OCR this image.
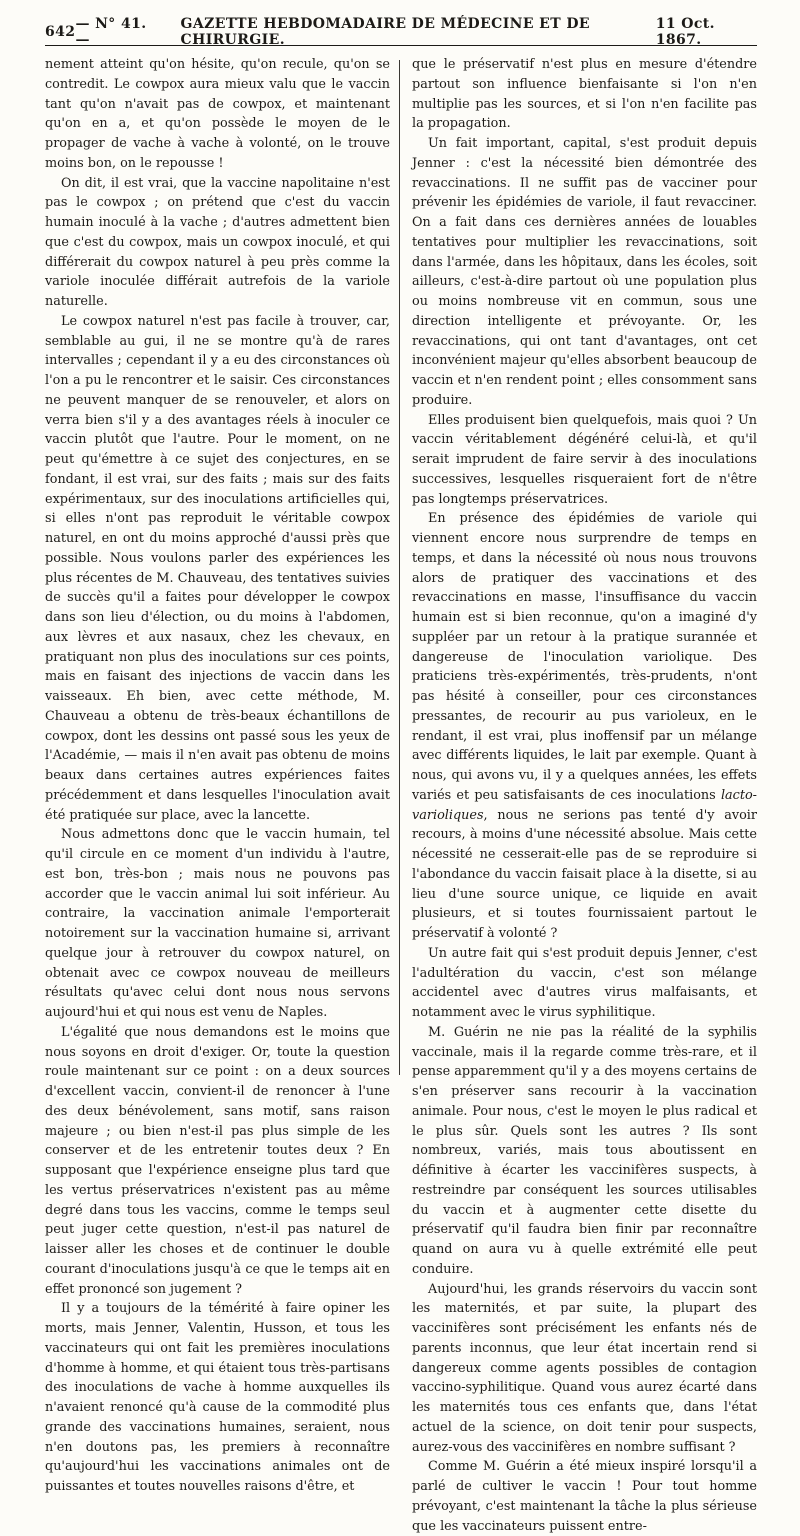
642 — N° 41. —
GAZETTE HEBDOMADAIRE DE MÉDECINE ET DE CHIRURGIE.
11 Oct. 1867.

nement atteint qu'on hésite, qu'on recule, qu'on se contredit. Le cowpox aura mieux valu que le vaccin tant qu'on n'avait pas de cowpox, et maintenant qu'on en a, et qu'on possède le moyen de le propager de vache à vache à volonté, on le trouve moins bon, on le repousse !

On dit, il est vrai, que la vaccine napolitaine n'est pas le cowpox ; on prétend que c'est du vaccin humain inoculé à la vache ; d'autres admettent bien que c'est du cowpox, mais un cowpox inoculé, et qui différerait du cowpox naturel à peu près comme la variole inoculée différait autrefois de la variole naturelle.

Le cowpox naturel n'est pas facile à trouver, car, semblable au gui, il ne se montre qu'à de rares intervalles ; cependant il y a eu des circonstances où l'on a pu le rencontrer et le saisir. Ces circonstances ne peuvent manquer de se renouveler, et alors on verra bien s'il y a des avantages réels à inoculer ce vaccin plutôt que l'autre. Pour le moment, on ne peut qu'émettre à ce sujet des conjectures, en se fondant, il est vrai, sur des faits ; mais sur des faits expérimentaux, sur des inoculations artificielles qui, si elles n'ont pas reproduit le véritable cowpox naturel, en ont du moins approché d'aussi près que possible. Nous voulons parler des expériences les plus récentes de M. Chauveau, des tentatives suivies de succès qu'il a faites pour développer le cowpox dans son lieu d'élection, ou du moins à l'abdomen, aux lèvres et aux nasaux, chez les chevaux, en pratiquant non plus des inoculations sur ces points, mais en faisant des injections de vaccin dans les vaisseaux. Eh bien, avec cette méthode, M. Chauveau a obtenu de très-beaux échantillons de cowpox, dont les dessins ont passé sous les yeux de l'Académie, — mais il n'en avait pas obtenu de moins beaux dans certaines autres expériences faites précédemment et dans lesquelles l'inoculation avait été pratiquée sur place, avec la lancette.

Nous admettons donc que le vaccin humain, tel qu'il circule en ce moment d'un individu à l'autre, est bon, très-bon ; mais nous ne pouvons pas accorder que le vaccin animal lui soit inférieur. Au contraire, la vaccination animale l'emporterait notoirement sur la vaccination humaine si, arrivant quelque jour à retrouver du cowpox naturel, on obtenait avec ce cowpox nouveau de meilleurs résultats qu'avec celui dont nous nous servons aujourd'hui et qui nous est venu de Naples.

L'égalité que nous demandons est le moins que nous soyons en droit d'exiger. Or, toute la question roule maintenant sur ce point : on a deux sources d'excellent vaccin, convient-il de renoncer à l'une des deux bénévolement, sans motif, sans raison majeure ; ou bien n'est-il pas plus simple de les conserver et de les entretenir toutes deux ? En supposant que l'expérience enseigne plus tard que les vertus préservatrices n'existent pas au même degré dans tous les vaccins, comme le temps seul peut juger cette question, n'est-il pas naturel de laisser aller les choses et de continuer le double courant d'inoculations jusqu'à ce que le temps ait en effet prononcé son jugement ?

Il y a toujours de la témérité à faire opiner les morts, mais Jenner, Valentin, Husson, et tous les vaccinateurs qui ont fait les premières inoculations d'homme à homme, et qui étaient tous très-partisans des inoculations de vache à homme auxquelles ils n'avaient renoncé qu'à cause de la commodité plus grande des vaccinations humaines, seraient, nous n'en doutons pas, les premiers à reconnaître qu'aujourd'hui les vaccinations animales ont de puissantes et toutes nouvelles raisons d'être, et

que le préservatif n'est plus en mesure d'étendre partout son influence bienfaisante si l'on n'en multiplie pas les sources, et si l'on n'en facilite pas la propagation.

Un fait important, capital, s'est produit depuis Jenner : c'est la nécessité bien démontrée des revaccinations. Il ne suffit pas de vacciner pour prévenir les épidémies de variole, il faut revacciner. On a fait dans ces dernières années de louables tentatives pour multiplier les revaccinations, soit dans l'armée, dans les hôpitaux, dans les écoles, soit ailleurs, c'est-à-dire partout où une population plus ou moins nombreuse vit en commun, sous une direction intelligente et prévoyante. Or, les revaccinations, qui ont tant d'avantages, ont cet inconvénient majeur qu'elles absorbent beaucoup de vaccin et n'en rendent point ; elles consomment sans produire.

Elles produisent bien quelquefois, mais quoi ? Un vaccin véritablement dégénéré celui-là, et qu'il serait imprudent de faire servir à des inoculations successives, lesquelles risqueraient fort de n'être pas longtemps préservatrices.

En présence des épidémies de variole qui viennent encore nous surprendre de temps en temps, et dans la nécessité où nous nous trouvons alors de pratiquer des vaccinations et des revaccinations en masse, l'insuffisance du vaccin humain est si bien reconnue, qu'on a imaginé d'y suppléer par un retour à la pratique surannée et dangereuse de l'inoculation variolique. Des praticiens très-expérimentés, très-prudents, n'ont pas hésité à conseiller, pour ces circonstances pressantes, de recourir au pus varioleux, en le rendant, il est vrai, plus inoffensif par un mélange avec différents liquides, le lait par exemple. Quant à nous, qui avons vu, il y a quelques années, les effets variés et peu satisfaisants de ces inoculations lacto-varioliques, nous ne serions pas tenté d'y avoir recours, à moins d'une nécessité absolue. Mais cette nécessité ne cesserait-elle pas de se reproduire si l'abondance du vaccin faisait place à la disette, si au lieu d'une source unique, ce liquide en avait plusieurs, et si toutes fournissaient partout le préservatif à volonté ?

Un autre fait qui s'est produit depuis Jenner, c'est l'adultération du vaccin, c'est son mélange accidentel avec d'autres virus malfaisants, et notamment avec le virus syphilitique.

M. Guérin ne nie pas la réalité de la syphilis vaccinale, mais il la regarde comme très-rare, et il pense apparemment qu'il y a des moyens certains de s'en préserver sans recourir à la vaccination animale. Pour nous, c'est le moyen le plus radical et le plus sûr. Quels sont les autres ? Ils sont nombreux, variés, mais tous aboutissent en définitive à écarter les vaccinifères suspects, à restreindre par conséquent les sources utilisables du vaccin et à augmenter cette disette du préservatif qu'il faudra bien finir par reconnaître quand on aura vu à quelle extrémité elle peut conduire.

Aujourd'hui, les grands réservoirs du vaccin sont les maternités, et par suite, la plupart des vaccinifères sont précisément les enfants nés de parents inconnus, que leur état incertain rend si dangereux comme agents possibles de contagion vaccino-syphilitique. Quand vous aurez écarté dans les maternités tous ces enfants que, dans l'état actuel de la science, on doit tenir pour suspects, aurez-vous des vaccinifères en nombre suffisant ?

Comme M. Guérin a été mieux inspiré lorsqu'il a parlé de cultiver le vaccin ! Pour tout homme prévoyant, c'est maintenant la tâche la plus sérieuse que les vaccinateurs puissent entre-
